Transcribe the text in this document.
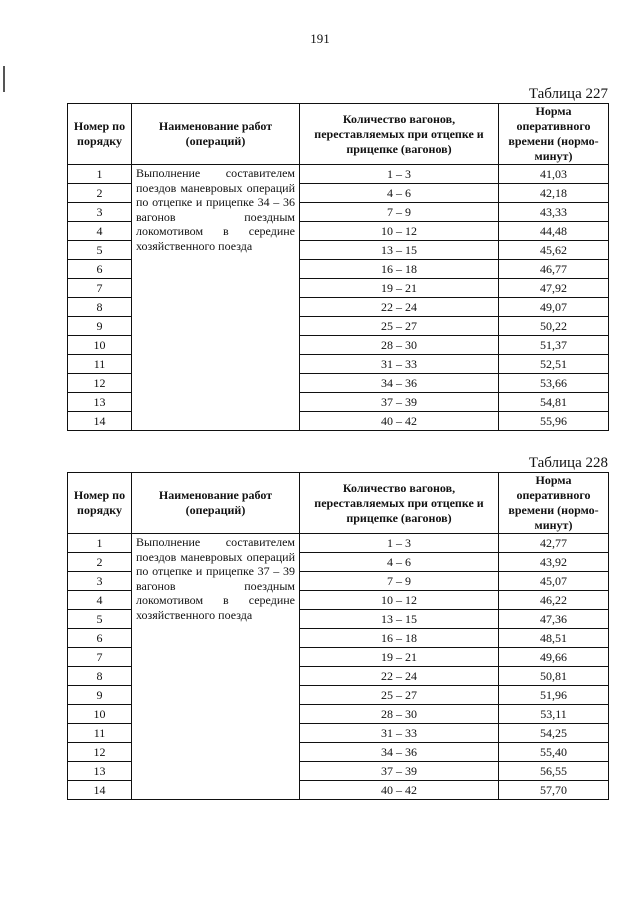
191
Таблица 227
Номер по порядку	Наименование работ (операций)	Количество вагонов, переставляемых при отцепке и прицепке (вагонов)	Норма оперативного времени (нормо-минут)
1	Выполнение составителем поездов маневровых операций по отцепке и прицепке 34 – 36 вагонов поездным локомотивом в середине хозяйственного поезда	1 – 3	41,03
2		4 – 6	42,18
3		7 – 9	43,33
4		10 – 12	44,48
5		13 – 15	45,62
6		16 – 18	46,77
7		19 – 21	47,92
8		22 – 24	49,07
9		25 – 27	50,22
10		28 – 30	51,37
11		31 – 33	52,51
12		34 – 36	53,66
13		37 – 39	54,81
14		40 – 42	55,96
Таблица 228
Номер по порядку	Наименование работ (операций)	Количество вагонов, переставляемых при отцепке и прицепке (вагонов)	Норма оперативного времени (нормо-минут)
1	Выполнение составителем поездов маневровых операций по отцепке и прицепке 37 – 39 вагонов поездным локомотивом в середине хозяйственного поезда	1 – 3	42,77
2		4 – 6	43,92
3		7 – 9	45,07
4		10 – 12	46,22
5		13 – 15	47,36
6		16 – 18	48,51
7		19 – 21	49,66
8		22 – 24	50,81
9		25 – 27	51,96
10		28 – 30	53,11
11		31 – 33	54,25
12		34 – 36	55,40
13		37 – 39	56,55
14		40 – 42	57,70
